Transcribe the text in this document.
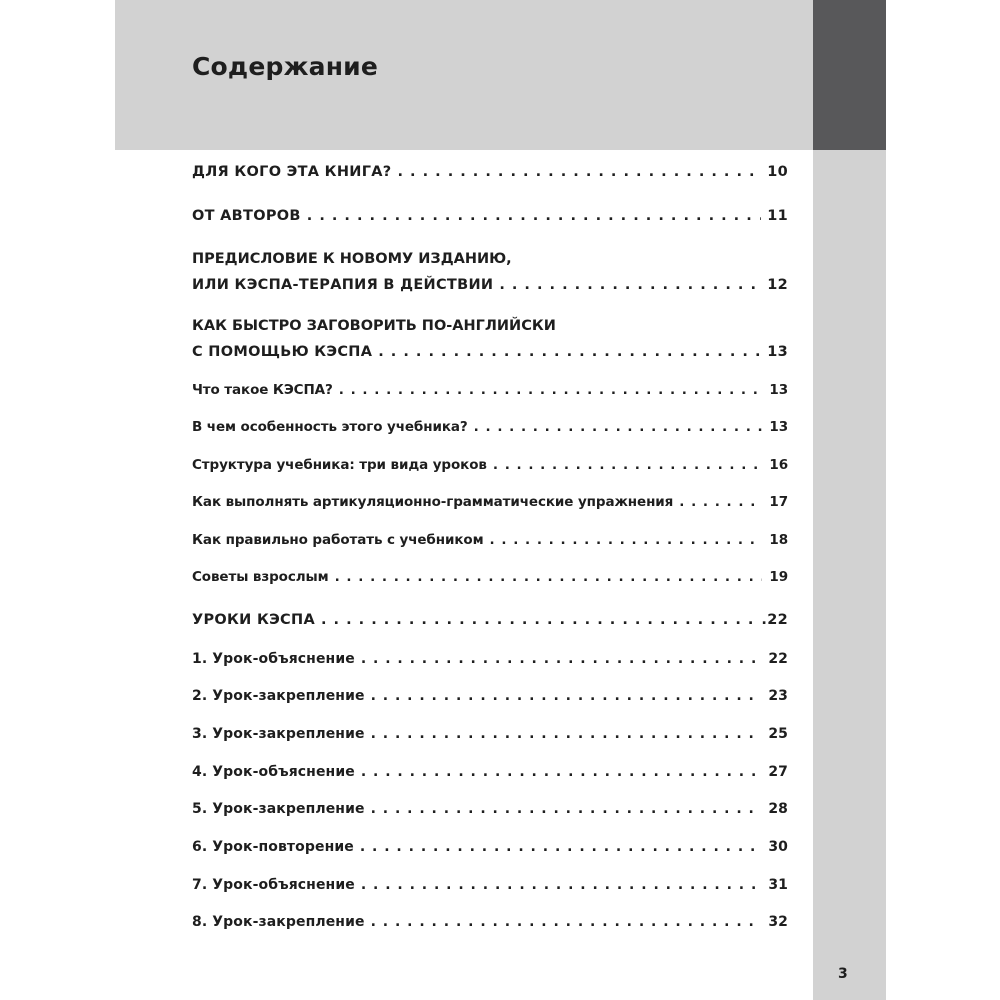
Содержание
ДЛЯ КОГО ЭТА КНИГА? . . .	10
ОТ АВТОРОВ . . .	11
ПРЕДИСЛОВИЕ К НОВОМУ ИЗДАНИЮ,
ИЛИ КЭСПА-ТЕРАПИЯ В ДЕЙСТВИИ . . .	12
КАК БЫСТРО ЗАГОВОРИТЬ ПО-АНГЛИЙСКИ
С ПОМОЩЬЮ КЭСПА . . .	13
Что такое КЭСПА? . . .	13
В чем особенность этого учебника? . . .	13
Структура учебника: три вида уроков . . .	16
Как выполнять артикуляционно-грамматические упражнения . . .	17
Как правильно работать с учебником . . .	18
Советы взрослым . . .	19
УРОКИ КЭСПА . . .	.22
1. Урок-объяснение . . .	22
2. Урок-закрепление . . .	23
3. Урок-закрепление . . .	25
4. Урок-объяснение . . .	27
5. Урок-закрепление . . .	28
6. Урок-повторение . . .	30
7. Урок-объяснение . . .	31
8. Урок-закрепление . . .	32
3
